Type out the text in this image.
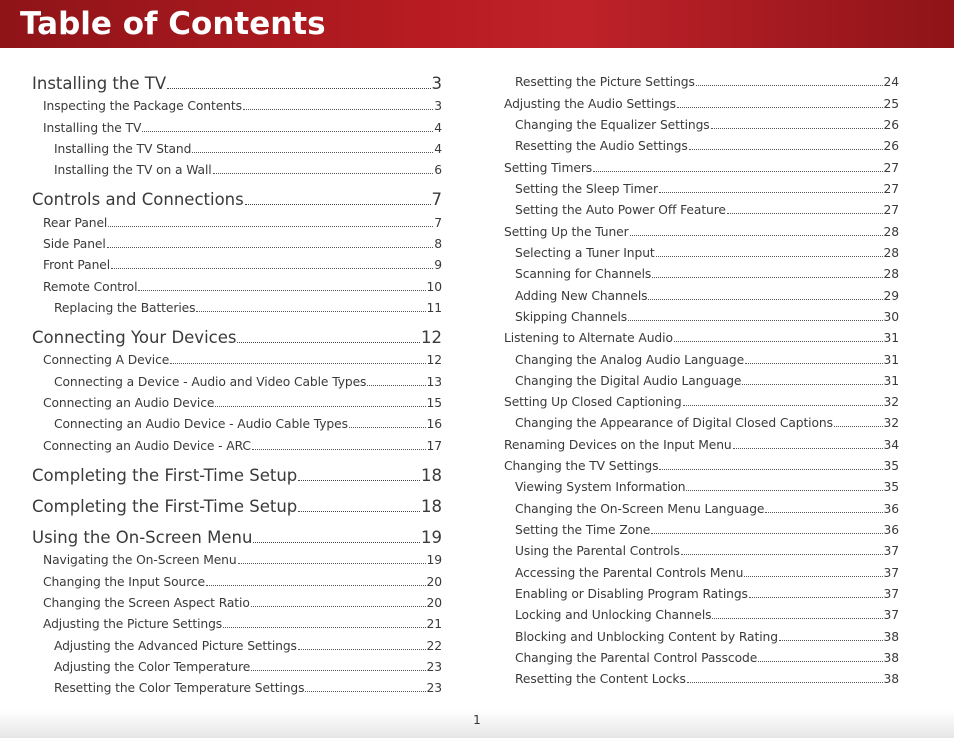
Table of Contents
Installing the TV	3
Inspecting the Package Contents	3
Installing the TV	4
Installing the TV Stand	4
Installing the TV on a Wall	6
Controls and Connections	7
Rear Panel	7
Side Panel	8
Front Panel	9
Remote Control	10
Replacing the Batteries	11
Connecting Your Devices	12
Connecting A Device	12
Connecting a Device - Audio and Video Cable Types	13
Connecting an Audio Device	15
Connecting an Audio Device - Audio Cable Types	16
Connecting an Audio Device - ARC	17
Completing the First-Time Setup	18
Completing the First-Time Setup	18
Using the On-Screen Menu	19
Navigating the On-Screen Menu	19
Changing the Input Source	20
Changing the Screen Aspect Ratio	20
Adjusting the Picture Settings	21
Adjusting the Advanced Picture Settings	22
Adjusting the Color Temperature	23
Resetting the Color Temperature Settings	23
Resetting the Picture Settings	24
Adjusting the Audio Settings	25
Changing the Equalizer Settings	26
Resetting the Audio Settings	26
Setting Timers	27
Setting the Sleep Timer	27
Setting the Auto Power Off Feature	27
Setting Up the Tuner	28
Selecting a Tuner Input	28
Scanning for Channels	28
Adding New Channels	29
Skipping Channels	30
Listening to Alternate Audio	31
Changing the Analog Audio Language	31
Changing the Digital Audio Language	31
Setting Up Closed Captioning	32
Changing the Appearance of Digital Closed Captions	32
Renaming Devices on the Input Menu	34
Changing the TV Settings	35
Viewing System Information	35
Changing the On-Screen Menu Language	36
Setting the Time Zone	36
Using the Parental Controls	37
Accessing the Parental Controls Menu	37
Enabling or Disabling Program Ratings	37
Locking and Unlocking Channels	37
Blocking and Unblocking Content by Rating	38
Changing the Parental Control Passcode	38
Resetting the Content Locks	38
1
